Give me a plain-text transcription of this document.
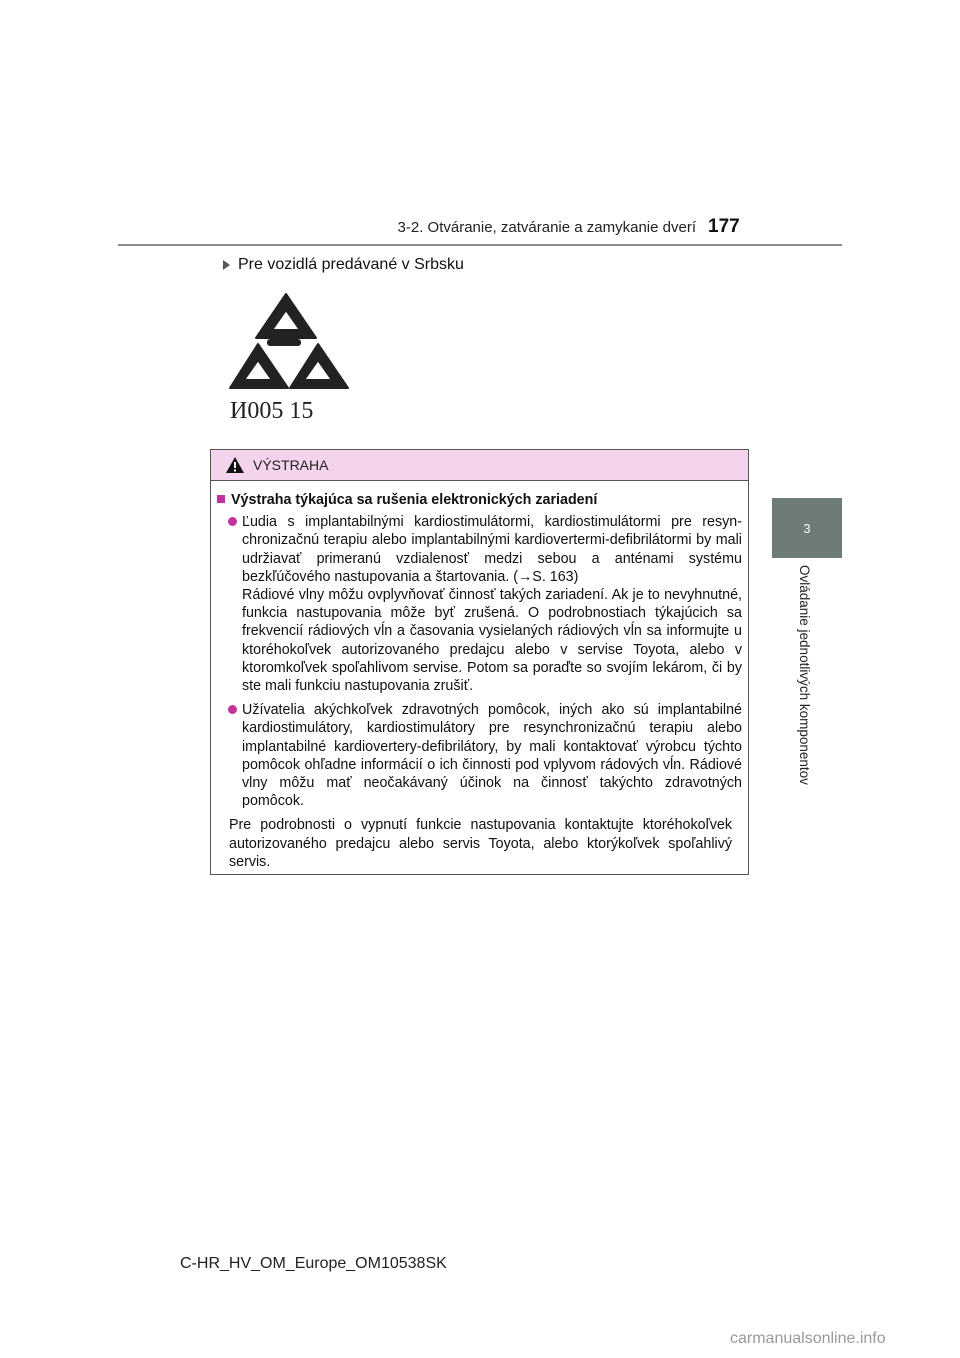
3-2. Otváranie, zatváranie a zamykanie dverí 177
3
Ovládanie jednotlivých komponentov
Pre vozidlá predávané v Srbsku
И005 15
VÝSTRAHA
Výstraha týkajúca sa rušenia elektronických zariadení

Ľudia s implantabilnými kardiostimulátormi, kardiostimulátormi pre resynchronizačnú terapiu alebo implantabilnými kardiovertermi-defibrilátormi by mali udržiavať primeranú vzdialenosť medzi sebou a anténami systému bezkľúčového nastupovania a štartovania. (→S. 163)

Rádiové vlny môžu ovplyvňovať činnosť takých zariadení. Ak je to nevyhnutné, funkcia nastupovania môže byť zrušená. O podrobnostiach týkajúcich sa frekvencií rádiových vĺn a časovania vysielaných rádiových vĺn sa informujte u ktoréhokoľvek autorizovaného predajcu alebo v servise Toyota, alebo v ktoromkoľvek spoľahlivom servise. Potom sa poraďte so svojím lekárom, či by ste mali funkciu nastupovania zrušiť.

Užívatelia akýchkoľvek zdravotných pomôcok, iných ako sú implantabilné kardiostimulátory, kardiostimulátory pre resynchronizačnú terapiu alebo implantabilné kardiovertery-defibrilátory, by mali kontaktovať výrobcu týchto pomôcok ohľadne informácií o ich činnosti pod vplyvom rádových vĺn. Rádiové vlny môžu mať neočakávaný účinok na činnosť takýchto zdravotných pomôcok.

Pre podrobnosti o vypnutí funkcie nastupovania kontaktujte ktoréhokoľvek autorizovaného predajcu alebo servis Toyota, alebo ktorýkoľvek spoľahlivý servis.

C-HR_HV_OM_Europe_OM10538SK
carmanualsonline.info
